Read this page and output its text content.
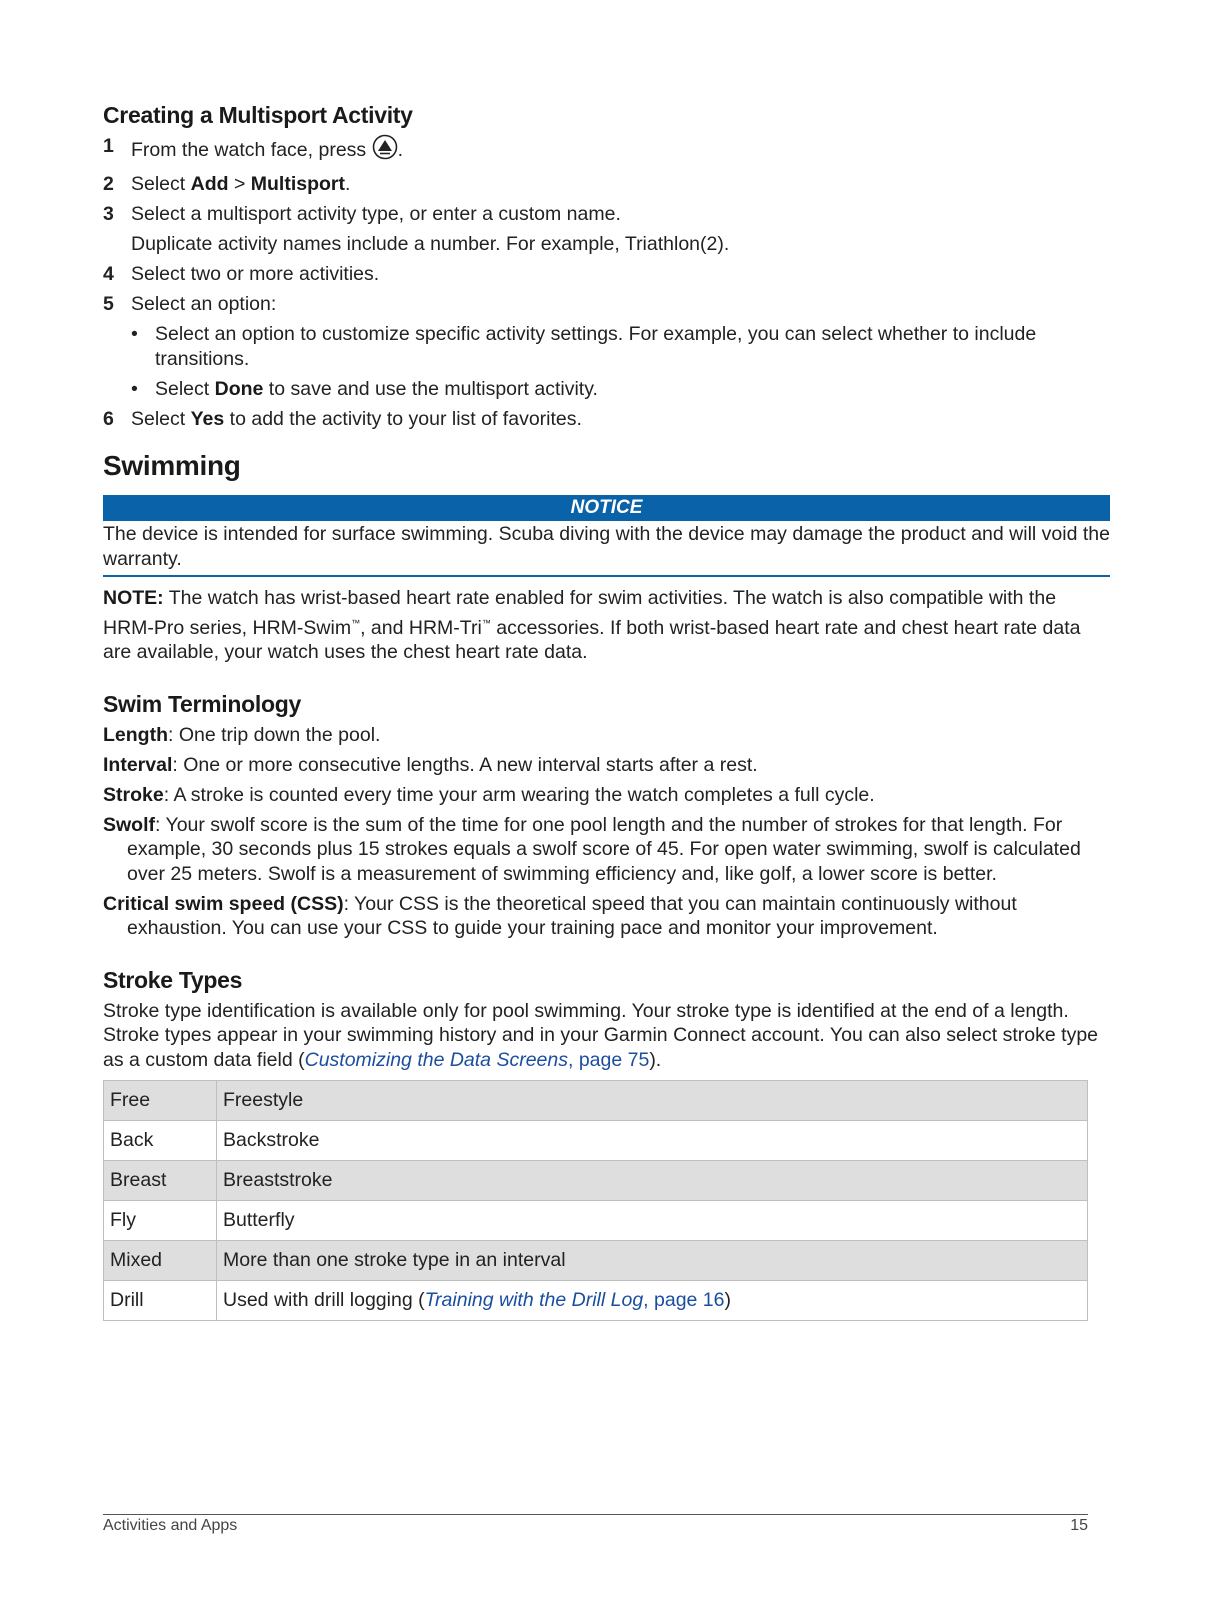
Creating a Multisport Activity
1 From the watch face, press .
2 Select Add > Multisport.
3 Select a multisport activity type, or enter a custom name.
Duplicate activity names include a number. For example, Triathlon(2).
4 Select two or more activities.
5 Select an option:
• Select an option to customize specific activity settings. For example, you can select whether to include transitions.
• Select Done to save and use the multisport activity.
6 Select Yes to add the activity to your list of favorites.
Swimming
NOTICE
The device is intended for surface swimming. Scuba diving with the device may damage the product and will void the warranty.
NOTE: The watch has wrist-based heart rate enabled for swim activities. The watch is also compatible with the HRM-Pro series, HRM-Swim™, and HRM-Tri™ accessories. If both wrist-based heart rate and chest heart rate data are available, your watch uses the chest heart rate data.
Swim Terminology
Length: One trip down the pool.
Interval: One or more consecutive lengths. A new interval starts after a rest.
Stroke: A stroke is counted every time your arm wearing the watch completes a full cycle.
Swolf: Your swolf score is the sum of the time for one pool length and the number of strokes for that length. For example, 30 seconds plus 15 strokes equals a swolf score of 45. For open water swimming, swolf is calculated over 25 meters. Swolf is a measurement of swimming efficiency and, like golf, a lower score is better.
Critical swim speed (CSS): Your CSS is the theoretical speed that you can maintain continuously without exhaustion. You can use your CSS to guide your training pace and monitor your improvement.
Stroke Types
Stroke type identification is available only for pool swimming. Your stroke type is identified at the end of a length. Stroke types appear in your swimming history and in your Garmin Connect account. You can also select stroke type as a custom data field (Customizing the Data Screens, page 75).
Free	Freestyle
Back	Backstroke
Breast	Breaststroke
Fly	Butterfly
Mixed	More than one stroke type in an interval
Drill	Used with drill logging (Training with the Drill Log, page 16)
Activities and Apps	15
